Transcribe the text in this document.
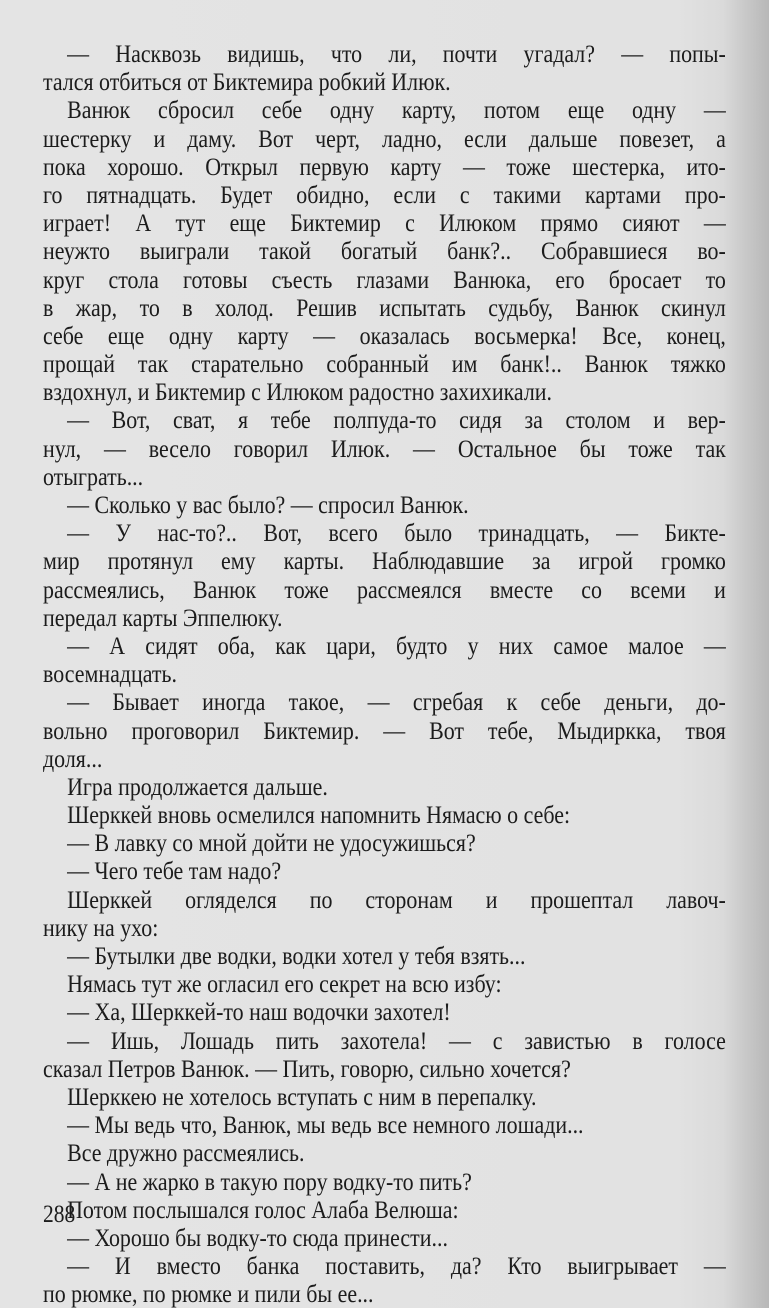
— Насквозь видишь, что ли, почти угадал? — попы-
тался отбиться от Биктемира робкий Илюк.
Ванюк сбросил себе одну карту, потом еще одну —
шестерку и даму. Вот черт, ладно, если дальше повезет, а
пока хорошо. Открыл первую карту — тоже шестерка, ито-
го пятнадцать. Будет обидно, если с такими картами про-
играет! А тут еще Биктемир с Илюком прямо сияют —
неужто выиграли такой богатый банк?.. Собравшиеся во-
круг стола готовы съесть глазами Ванюка, его бросает то
в жар, то в холод. Решив испытать судьбу, Ванюк скинул
себе еще одну карту — оказалась восьмерка! Все, конец,
прощай так старательно собранный им банк!.. Ванюк тяжко
вздохнул, и Биктемир с Илюком радостно захихикали.
— Вот, сват, я тебе полпуда-то сидя за столом и вер-
нул, — весело говорил Илюк. — Остальное бы тоже так
отыграть...
— Сколько у вас было? — спросил Ванюк.
— У нас-то?.. Вот, всего было тринадцать, — Бикте-
мир протянул ему карты. Наблюдавшие за игрой громко
рассмеялись, Ванюк тоже рассмеялся вместе со всеми и
передал карты Эппелюку.
— А сидят оба, как цари, будто у них самое малое —
восемнадцать.
— Бывает иногда такое, — сгребая к себе деньги, до-
вольно проговорил Биктемир. — Вот тебе, Мыдиркка, твоя
доля...
Игра продолжается дальше.
Шерккей вновь осмелился напомнить Нямасю о себе:
— В лавку со мной дойти не удосужишься?
— Чего тебе там надо?
Шерккей огляделся по сторонам и прошептал лавоч-
нику на ухо:
— Бутылки две водки, водки хотел у тебя взять...
Нямась тут же огласил его секрет на всю избу:
— Ха, Шерккей-то наш водочки захотел!
— Ишь, Лошадь пить захотела! — с завистью в голосе
сказал Петров Ванюк. — Пить, говорю, сильно хочется?
Шерккею не хотелось вступать с ним в перепалку.
— Мы ведь что, Ванюк, мы ведь все немного лошади...
Все дружно рассмеялись.
— А не жарко в такую пору водку-то пить?
Потом послышался голос Алаба Велюша:
— Хорошо бы водку-то сюда принести...
— И вместо банка поставить, да? Кто выигрывает —
по рюмке, по рюмке и пили бы ее...
288
